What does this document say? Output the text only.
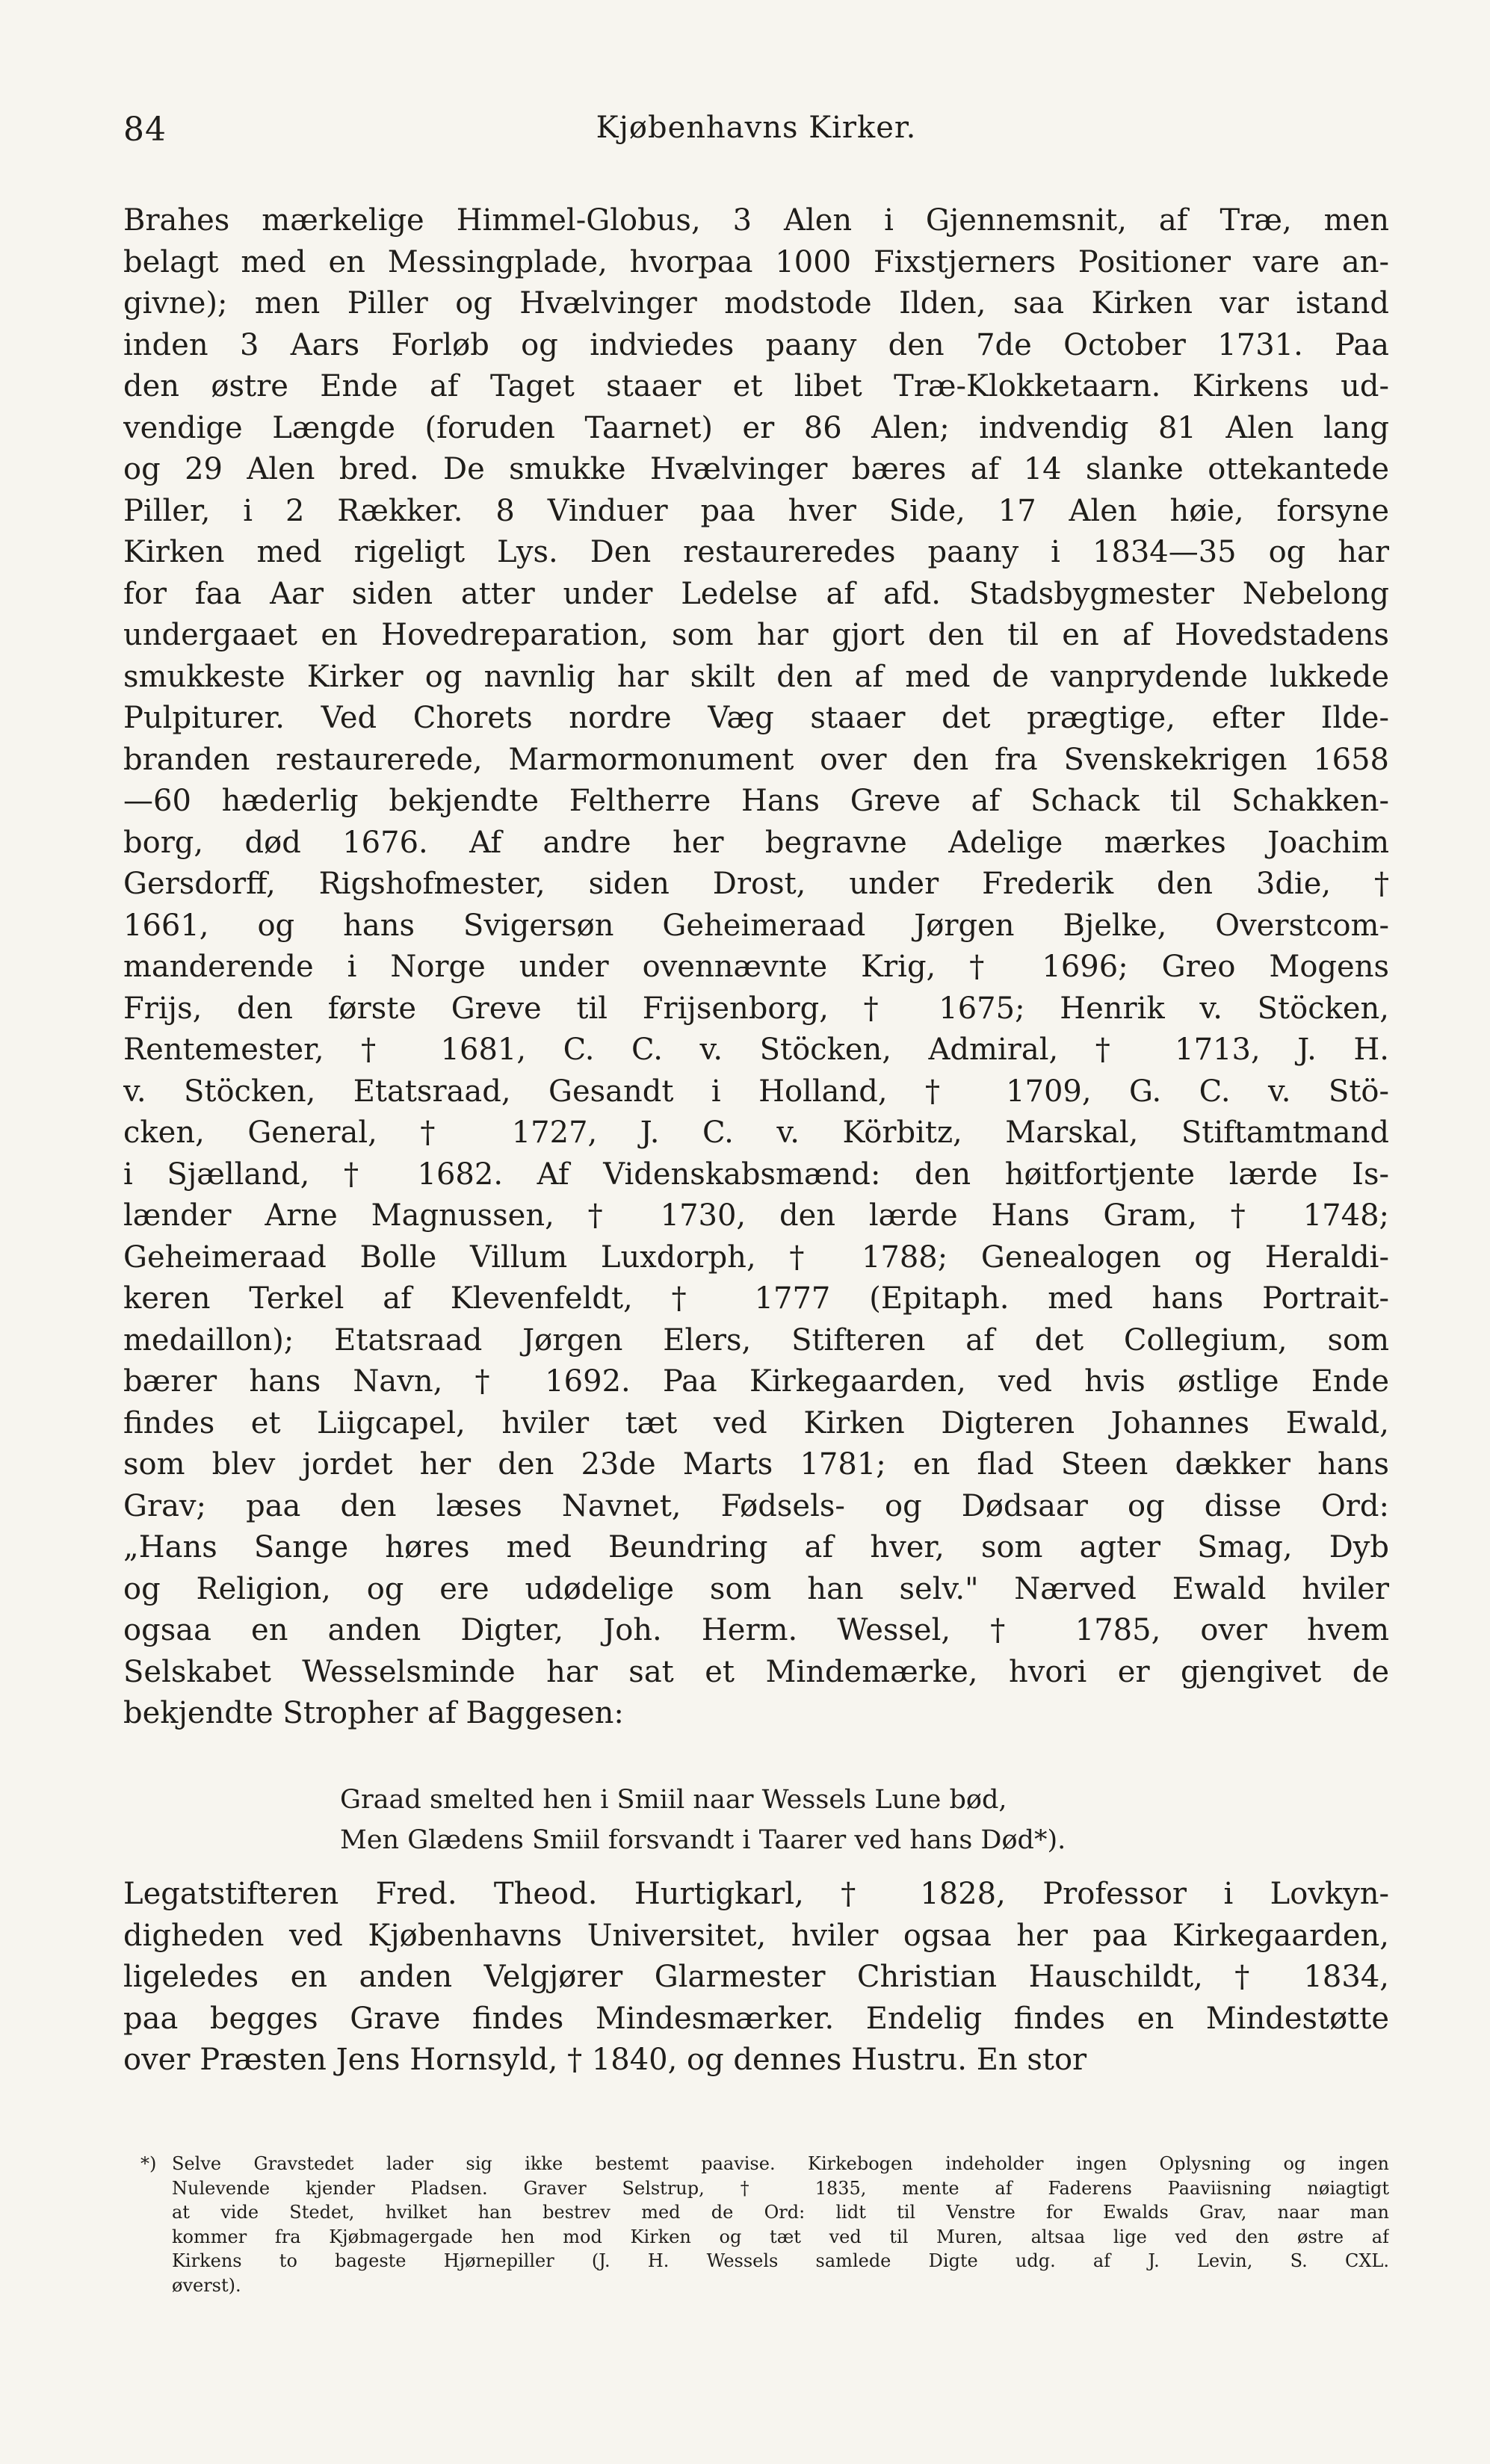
84	Kjøbenhavns Kirker.
Brahes mærkelige Himmel-Globus, 3 Alen i Gjennemsnit, af Træ, men
belagt med en Messingplade, hvorpaa 1000 Fixstjerners Positioner vare an-
givne); men Piller og Hvælvinger modstode Ilden, saa Kirken var istand
inden 3 Aars Forløb og indviedes paany den 7de October 1731. Paa
den østre Ende af Taget staaer et libet Træ-Klokketaarn. Kirkens ud-
vendige Længde (foruden Taarnet) er 86 Alen; indvendig 81 Alen lang
og 29 Alen bred. De smukke Hvælvinger bæres af 14 slanke ottekantede
Piller, i 2 Rækker. 8 Vinduer paa hver Side, 17 Alen høie, forsyne
Kirken med rigeligt Lys. Den restaureredes paany i 1834—35 og har
for faa Aar siden atter under Ledelse af afd. Stadsbygmester Nebelong
undergaaet en Hovedreparation, som har gjort den til en af Hovedstadens
smukkeste Kirker og navnlig har skilt den af med de vanprydende lukkede
Pulpiturer. Ved Chorets nordre Væg staaer det prægtige, efter Ilde-
branden restaurerede, Marmormonument over den fra Svenskekrigen 1658
—60 hæderlig bekjendte Feltherre Hans Greve af Schack til Schakken-
borg, død 1676. Af andre her begravne Adelige mærkes Joachim
Gersdorff, Rigshofmester, siden Drost, under Frederik den 3die, †
1661, og hans Svigersøn Geheimeraad Jørgen Bjelke, Overstcom-
manderende i Norge under ovennævnte Krig, † 1696; Greo Mogens
Frijs, den første Greve til Frijsenborg, † 1675; Henrik v. Stöcken,
Rentemester, † 1681, C. C. v. Stöcken, Admiral, † 1713, J. H.
v. Stöcken, Etatsraad, Gesandt i Holland, † 1709, G. C. v. Stö-
cken, General, † 1727, J. C. v. Körbitz, Marskal, Stiftamtmand
i Sjælland, † 1682. Af Videnskabsmænd: den høitfortjente lærde Is-
lænder Arne Magnussen, † 1730, den lærde Hans Gram, † 1748;
Geheimeraad Bolle Villum Luxdorph, † 1788; Genealogen og Heraldi-
keren Terkel af Klevenfeldt, † 1777 (Epitaph. med hans Portrait-
medaillon); Etatsraad Jørgen Elers, Stifteren af det Collegium, som
bærer hans Navn, † 1692. Paa Kirkegaarden, ved hvis østlige Ende
findes et Liigcapel, hviler tæt ved Kirken Digteren Johannes Ewald,
som blev jordet her den 23de Marts 1781; en flad Steen dækker hans
Grav; paa den læses Navnet, Fødsels- og Dødsaar og disse Ord:
„Hans Sange høres med Beundring af hver, som agter Smag, Dyb
og Religion, og ere udødelige som han selv." Nærved Ewald hviler
ogsaa en anden Digter, Joh. Herm. Wessel, † 1785, over hvem
Selskabet Wesselsminde har sat et Mindemærke, hvori er gjengivet de
bekjendte Stropher af Baggesen:
Graad smelted hen i Smiil naar Wessels Lune bød,
Men Glædens Smiil forsvandt i Taarer ved hans Død*).
Legatstifteren Fred. Theod. Hurtigkarl, † 1828, Professor i Lovkyn-
digheden ved Kjøbenhavns Universitet, hviler ogsaa her paa Kirkegaarden,
ligeledes en anden Velgjører Glarmester Christian Hauschildt, † 1834,
paa begges Grave findes Mindesmærker. Endelig findes en Mindestøtte
over Præsten Jens Hornsyld, † 1840, og dennes Hustru. En stor
*) Selve Gravstedet lader sig ikke bestemt paavise. Kirkebogen indeholder ingen Oplysning og ingen
Nulevende kjender Pladsen. Graver Selstrup, † 1835, mente af Faderens Paaviisning nøiagtigt
at vide Stedet, hvilket han bestrev med de Ord: lidt til Venstre for Ewalds Grav, naar man
kommer fra Kjøbmagergade hen mod Kirken og tæt ved til Muren, altsaa lige ved den østre af
Kirkens to bageste Hjørnepiller (J. H. Wessels samlede Digte udg. af J. Levin, S. CXL.
øverst).
